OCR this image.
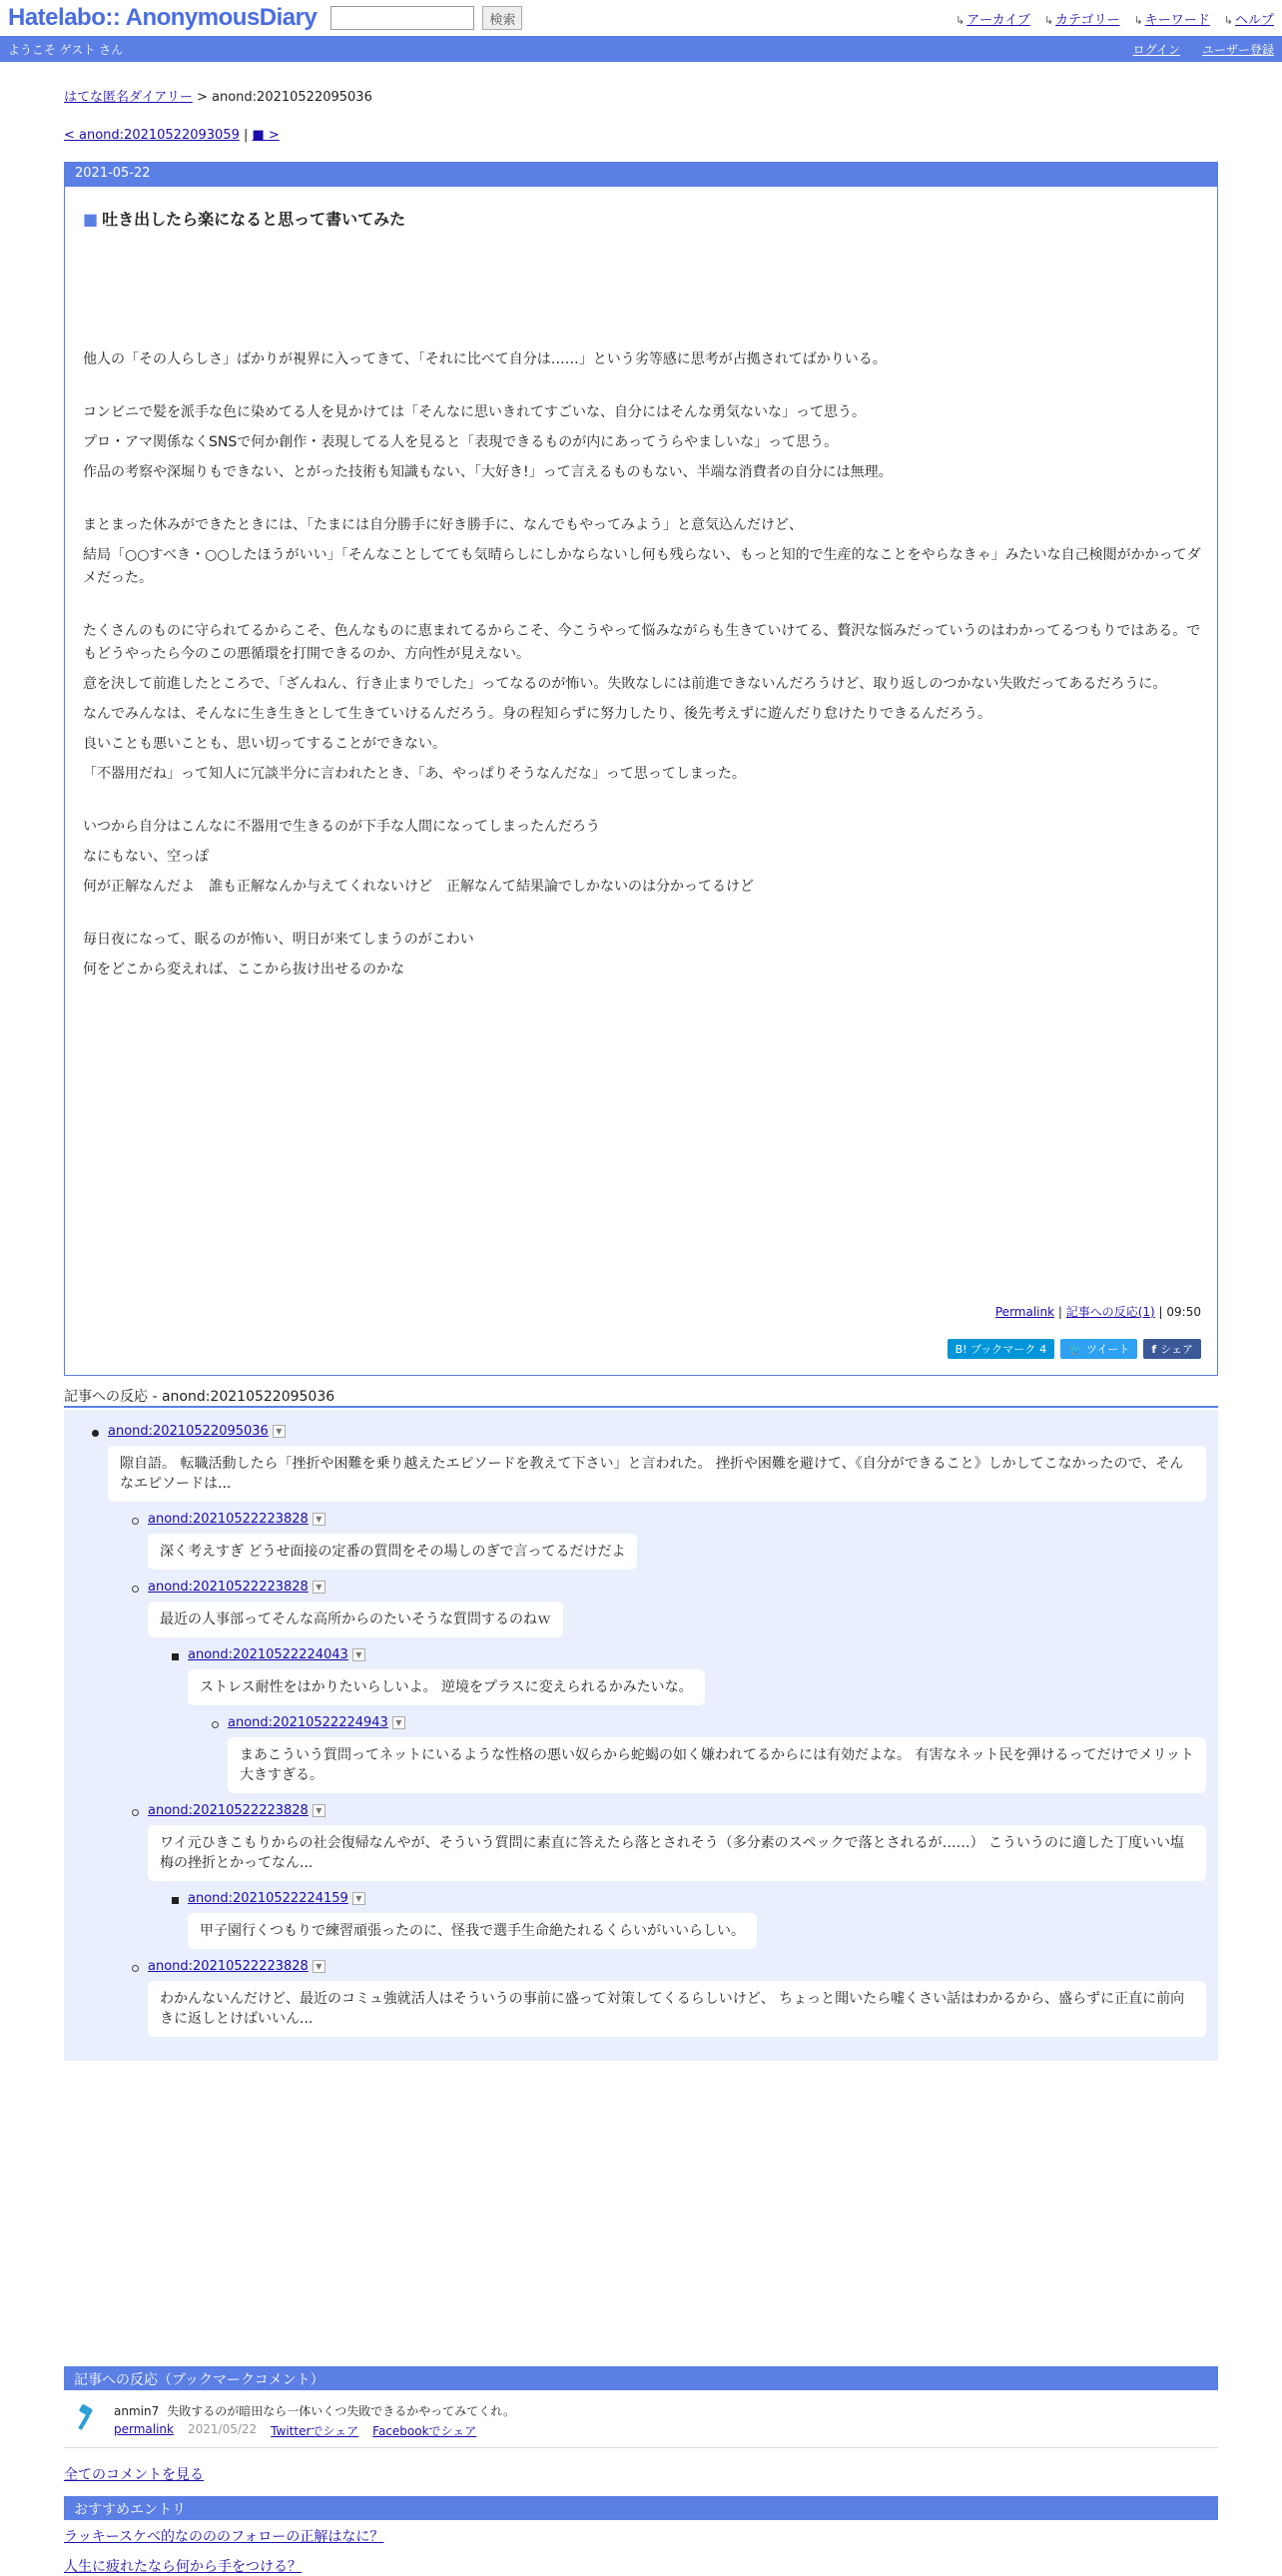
Hatelabo:: AnonymousDiary	検索	↳ アーカイブ	↳ カテゴリー	↳ キーワード	↳ ヘルプ
ようこそ ゲスト さん	ログイン ユーザー登録
はてな匿名ダイアリー > anond:20210522095036
< anond:20210522093059 | ■ >
2021-05-22
■ 吐き出したら楽になると思って書いてみた

他人の「その人らしさ」ばかりが視界に入ってきて、「それに比べて自分は……」という劣等感に思考が占拠されてばかりいる。

コンビニで髪を派手な色に染めてる人を見かけては「そんなに思いきれてすごいな、自分にはそんな勇気ないな」って思う。

プロ・アマ関係なくSNSで何か創作・表現してる人を見ると「表現できるものが内にあってうらやましいな」って思う。

作品の考察や深堀りもできない、とがった技術も知識もない、「大好き!」って言えるものもない、半端な消費者の自分には無理。

まとまった休みができたときには、「たまには自分勝手に好き勝手に、なんでもやってみよう」と意気込んだけど、

結局「○○すべき・○○したほうがいい」「そんなことしてても気晴らしにしかならないし何も残らない、もっと知的で生産的なことをやらなきゃ」みたいな自己検閲がかかってダメだった。

たくさんのものに守られてるからこそ、色んなものに恵まれてるからこそ、今こうやって悩みながらも生きていけてる、贅沢な悩みだっていうのはわかってるつもりではある。でもどうやったら今のこの悪循環を打開できるのか、方向性が見えない。

意を決して前進したところで、「ざんねん、行き止まりでした」ってなるのが怖い。失敗なしには前進できないんだろうけど、取り返しのつかない失敗だってあるだろうに。

なんでみんなは、そんなに生き生きとして生きていけるんだろう。身の程知らずに努力したり、後先考えずに遊んだり怠けたりできるんだろう。

良いことも悪いことも、思い切ってすることができない。

「不器用だね」って知人に冗談半分に言われたとき、「あ、やっぱりそうなんだな」って思ってしまった。

いつから自分はこんなに不器用で生きるのが下手な人間になってしまったんだろう

なにもない、空っぽ

何が正解なんだよ　誰も正解なんか与えてくれないけど　正解なんて結果論でしかないのは分かってるけど

毎日夜になって、眠るのが怖い、明日が来てしまうのがこわい

何をどこから変えれば、ここから抜け出せるのかな

Permalink | 記事への反応(1) | 09:50
B! ブックマーク 4 🐦 ツイート f シェア
記事への反応 - anond:20210522095036
anond:20210522095036 ▼
隙自語。 転職活動したら「挫折や困難を乗り越えたエピソードを教えて下さい」と言われた。 挫折や困難を避けて、《自分ができること》しかしてこなかったので、そんなエピソードは...
anond:20210522223828 ▼
深く考えすぎ どうせ面接の定番の質問をその場しのぎで言ってるだけだよ
anond:20210522223828 ▼
最近の人事部ってそんな高所からのたいそうな質問するのねｗ
anond:20210522224043 ▼
ストレス耐性をはかりたいらしいよ。 逆境をプラスに変えられるかみたいな。
anond:20210522224943 ▼
まあこういう質問ってネットにいるような性格の悪い奴らから蛇蝎の如く嫌われてるからには有効だよな。 有害なネット民を弾けるってだけでメリット大きすぎる。
anond:20210522223828 ▼
ワイ元ひきこもりからの社会復帰なんやが、そういう質問に素直に答えたら落とされそう（多分素のスペックで落とされるが……） こういうのに適した丁度いい塩梅の挫折とかってなん...
anond:20210522224159 ▼
甲子園行くつもりで練習頑張ったのに、怪我で選手生命絶たれるくらいがいいらしい。
anond:20210522223828 ▼
わかんないんだけど、最近のコミュ強就活人はそういうの事前に盛って対策してくるらしいけど、 ちょっと聞いたら嘘くさい話はわかるから、盛らずに正直に前向きに返しとけばいいん...
記事への反応（ブックマークコメント）
anmin7 失敗するのが暗田なら一体いくつ失敗できるかやってみてくれ。
permalink 2021/05/22 Twitterでシェア Facebookでシェア
全てのコメントを見る
おすすめエントリ
ラッキースケベ的なのののフォローの正解はなに？
人生に疲れたなら何から手をつける？
